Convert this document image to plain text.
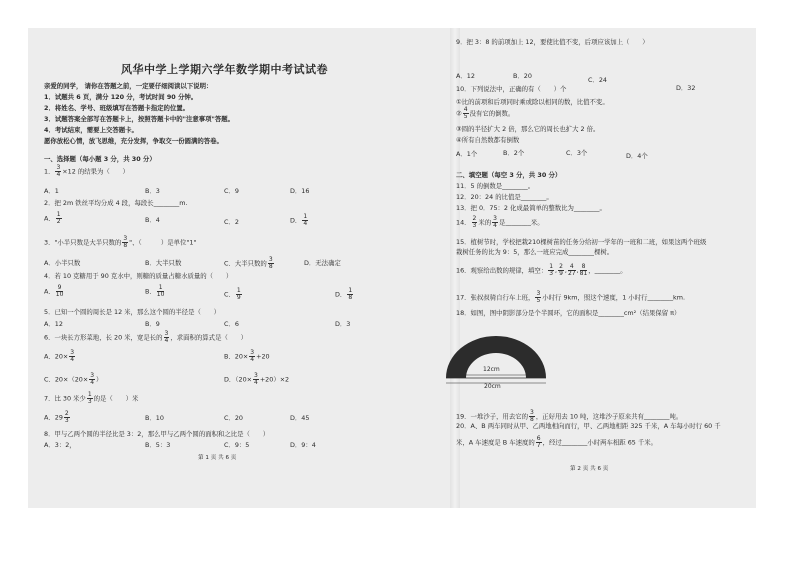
风华中学上学期六学年数学期中考试试卷
亲爱的同学， 请你在答题之前，一定要仔细阅读以下说明：
1．试题共 6 页，满分 120 分，考试时间 90 分钟。
2．将姓名、学号、班级填写在答题卡指定的位置。
3．试题答案全部写在答题卡上，按照答题卡中的"注意事项"答题。
4．考试结束，需要上交答题卡。
愿你放松心情，放飞思维，充分发挥，争取交一份圆满的答卷。
一、选择题（每小题 3 分，共 30 分）
1． $\frac{3}{4} \times 12$ 的结果为（　　）
A．1	B．3	C．9	D．16
2．把 2m 铁丝平均分成 4 段，每段长________m.
A． $\frac{1}{2}$	B．4	C．2	D． $\frac{1}{4}$
3．"小半只数是大半只数的 $\frac{3}{8}$ "、（　　　）是单位"1"
A．小半只数	B．大半只数	C．大半只数的 $\frac{3}{8}$	D．无法确定
4．若 10 克糖用于 90 克水中，则糖的质量占糖水质量的（　　）
A． $\frac{9}{10}$	B． $\frac{1}{10}$	C． $\frac{1}{9}$	D． $\frac{1}{8}$
5．已知一个圆的周长是 12 米，那么这个圆的半径是（　　）
A．12	B．9	C．6	D．3
6．一块长方形菜地，长 20 米，宽是长的 $\frac{3}{4}$ ，求面积的算式是（　　）
A．$20\times \frac{3}{4}$	B．$20\times \frac{3}{4} +20$
C．$20\times(20\times \frac{3}{4}$ ）	D．$(20\times \frac{3}{4} +20)\times 2$
7．比 30 米少 $\frac{1}{3}$ 的是（　　）米
A．$29 \frac{2}{3}$	B．10	C．20	D．45
8．甲与乙两个圆的半径比是 3：2，那么甲与乙两个圆的面积和之比是（　　）
A．3：2，	B．5：3	C．9：5	D．9：4
第 1 页 共 6 页
9．把 3：8 的前项加上 12，要使比值不变，后项应该加上（　　）
A．12	B．20	C．24
D．32
10．下列说法中，正确的有（　　）个
①比的前项和后项同时乘或除以相同的数，比值不变。
② $\frac{4}{5}$ 没有它的倒数。
③圆的半径扩大 2 倍，那么它的周长也扩大 2 倍。
④所有自然数都有倒数
A．1个	B．2个	C．3个	D．4个
二、填空题（每空 3 分，共 30 分）
11．5 的倒数是________。
12．20：24 的比值是________。
13．把 0．75：2 化成最简单的整数比为________。
14． $\frac{2}{3}$ 米的 $\frac{3}{4}$ 是________米。
15．植树节时，学校把栽210棵树苗的任务分给初一学年的一班和二班，如果这两个班级
栽树任务的比为 9：5，那么一班应完成________棵树。
16．观察给出数的规律，填空： $\frac{1}{3}$ , $\frac{2}{9}$ , $\frac{4}{27}$ , $\frac{8}{81}$ ，________。
17．张叔叔骑自行车上班， $\frac{3}{5}$ 小时行 9km，照这个速度，1 小时行________km.
18．如图，图中阴影部分是个半圆环，它的面积是________cm²（结果保留 π）
12cm
20cm
19．一堆沙子，用去它的 $\frac{3}{8}$ ，正好用去 10 吨，这堆沙子原来共有________吨。
20．A、B 两车同时从甲、乙两地相向而行，甲、乙两地相距 325 千米，A 车每小时行 60 千
米，A 车速度是 B 车速度的 $\frac{6}{7}$ ，经过________小时两车相距 65 千米。
第 2 页 共 6 页
